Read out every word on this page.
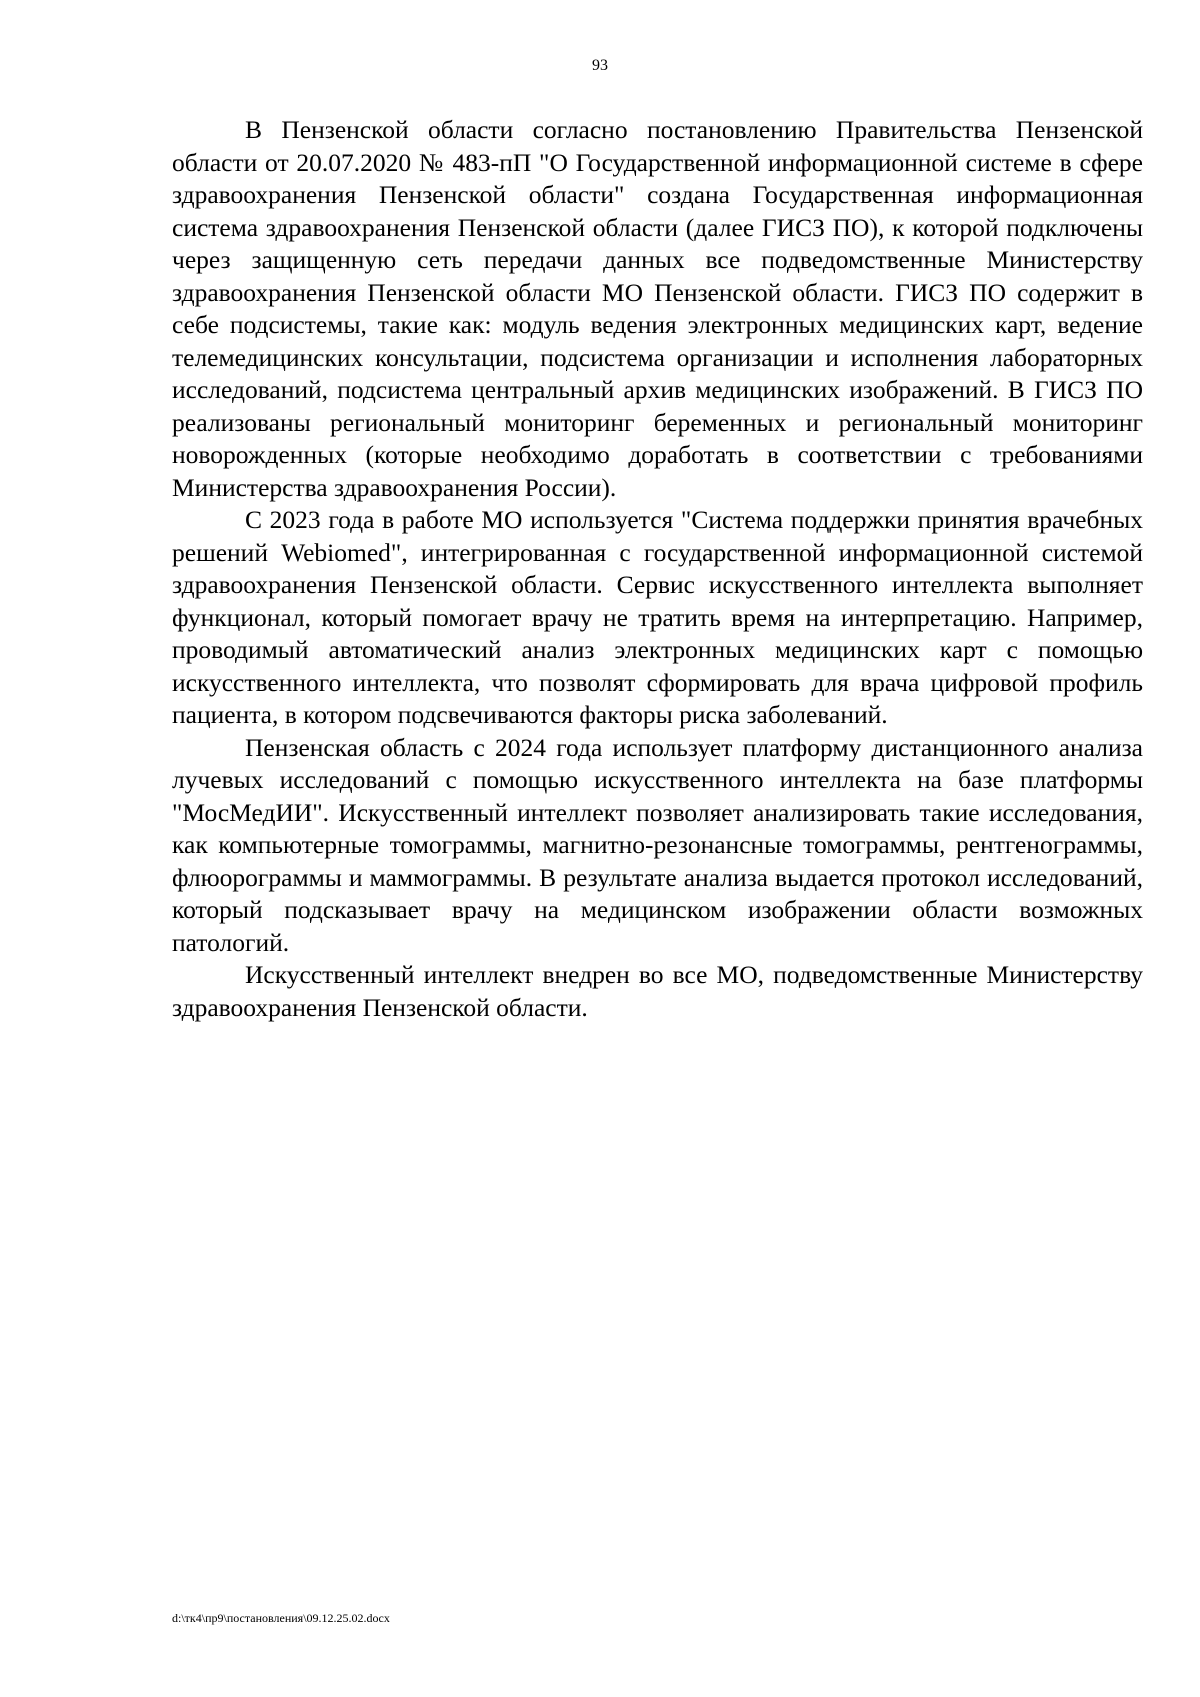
93

В Пензенской области согласно постановлению Правительства Пензенской области от 20.07.2020 № 483-пП "О Государственной информационной системе в сфере здравоохранения Пензенской области" создана Государственная информационная система здравоохранения Пензенской области (далее ГИСЗ ПО), к которой подключены через защищенную сеть передачи данных все подведомственные Министерству здравоохранения Пензенской области МО Пензенской области. ГИСЗ ПО содержит в себе подсистемы, такие как: модуль ведения электронных медицинских карт, ведение телемедицинских консультации, подсистема организации и исполнения лабораторных исследований, подсистема центральный архив медицинских изображений. В ГИСЗ ПО реализованы региональный мониторинг беременных и региональный мониторинг новорожденных (которые необходимо доработать в соответствии с требованиями Министерства здравоохранения России).

С 2023 года в работе МО используется "Система поддержки принятия врачебных решений Webiomed", интегрированная с государственной информационной системой здравоохранения Пензенской области. Сервис искусственного интеллекта выполняет функционал, который помогает врачу не тратить время на интерпретацию. Например, проводимый автоматический анализ электронных медицинских карт с помощью искусственного интеллекта, что позволят сформировать для врача цифровой профиль пациента, в котором подсвечиваются факторы риска заболеваний.

Пензенская область с 2024 года использует платформу дистанционного анализа лучевых исследований с помощью искусственного интеллекта на базе платформы "МосМедИИ". Искусственный интеллект позволяет анализировать такие исследования, как компьютерные томограммы, магнитно-резонансные томограммы, рентгенограммы, флюорограммы и маммограммы. В результате анализа выдается протокол исследований, который подсказывает врачу на медицинском изображении области возможных патологий.

Искусственный интеллект внедрен во все МО, подведомственные Министерству здравоохранения Пензенской области.

d:\тк4\пр9\постановления\09.12.25.02.docx
